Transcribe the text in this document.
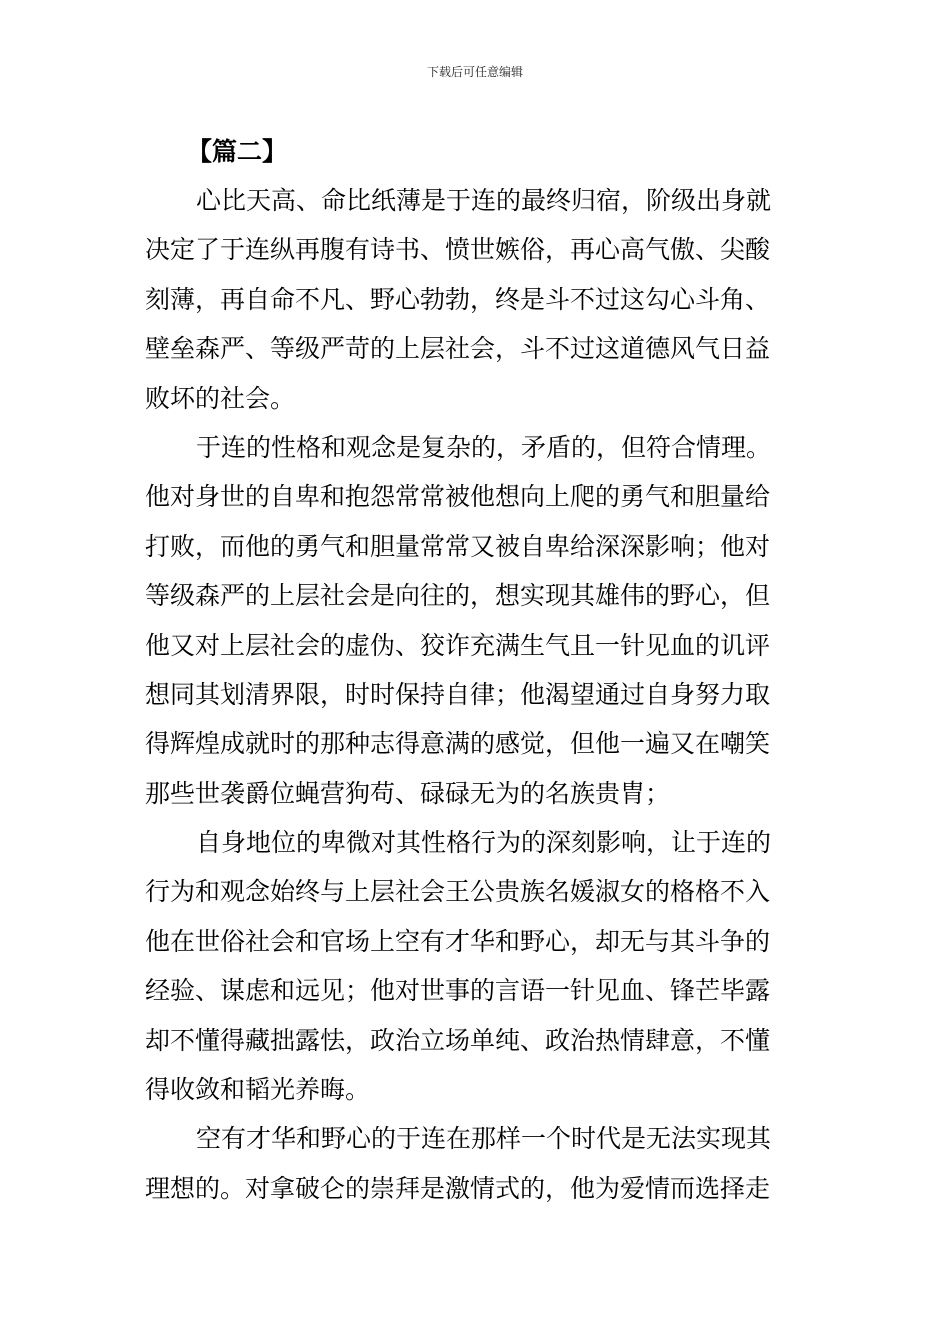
下载后可任意编辑
【篇二】
心比天高、命比纸薄是于连的最终归宿，阶级出身就
决定了于连纵再腹有诗书、愤世嫉俗，再心高气傲、尖酸
刻薄，再自命不凡、野心勃勃，终是斗不过这勾心斗角、
壁垒森严、等级严苛的上层社会，斗不过这道德风气日益
败坏的社会。
于连的性格和观念是复杂的，矛盾的，但符合情理。
他对身世的自卑和抱怨常常被他想向上爬的勇气和胆量给
打败，而他的勇气和胆量常常又被自卑给深深影响；他对
等级森严的上层社会是向往的，想实现其雄伟的野心，但
他又对上层社会的虚伪、狡诈充满生气且一针见血的讥评
想同其划清界限，时时保持自律；他渴望通过自身努力取
得辉煌成就时的那种志得意满的感觉，但他一遍又在嘲笑
那些世袭爵位蝇营狗苟、碌碌无为的名族贵胄；
自身地位的卑微对其性格行为的深刻影响，让于连的
行为和观念始终与上层社会王公贵族名媛淑女的格格不入
他在世俗社会和官场上空有才华和野心，却无与其斗争的
经验、谋虑和远见；他对世事的言语一针见血、锋芒毕露
却不懂得藏拙露怯，政治立场单纯、政治热情肆意，不懂
得收敛和韬光养晦。
空有才华和野心的于连在那样一个时代是无法实现其
理想的。对拿破仑的崇拜是激情式的，他为爱情而选择走
